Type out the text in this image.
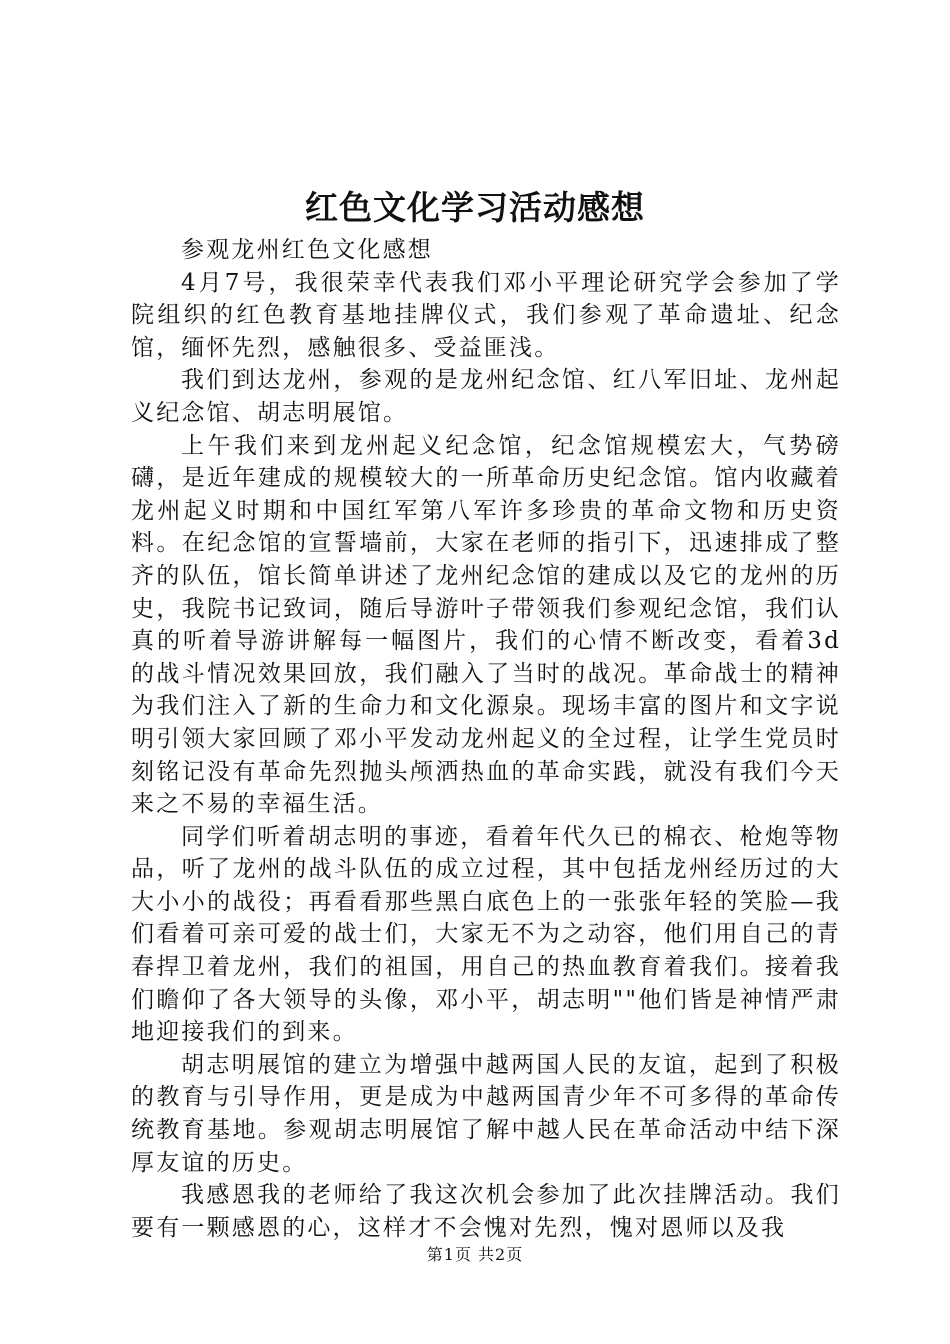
红色文化学习活动感想

参观龙州红色文化感想

4月7号，我很荣幸代表我们邓小平理论研究学会参加了学院组织的红色教育基地挂牌仪式，我们参观了革命遗址、纪念馆，缅怀先烈，感触很多、受益匪浅。

我们到达龙州，参观的是龙州纪念馆、红八军旧址、龙州起义纪念馆、胡志明展馆。

上午我们来到龙州起义纪念馆，纪念馆规模宏大，气势磅礴，是近年建成的规模较大的一所革命历史纪念馆。馆内收藏着龙州起义时期和中国红军第八军许多珍贵的革命文物和历史资料。在纪念馆的宣誓墙前，大家在老师的指引下，迅速排成了整齐的队伍，馆长简单讲述了龙州纪念馆的建成以及它的龙州的历史，我院书记致词，随后导游叶子带领我们参观纪念馆，我们认真的听着导游讲解每一幅图片，我们的心情不断改变，看着3d的战斗情况效果回放，我们融入了当时的战况。革命战士的精神为我们注入了新的生命力和文化源泉。现场丰富的图片和文字说明引领大家回顾了邓小平发动龙州起义的全过程，让学生党员时刻铭记没有革命先烈抛头颅洒热血的革命实践，就没有我们今天来之不易的幸福生活。

同学们听着胡志明的事迹，看着年代久已的棉衣、枪炮等物品，听了龙州的战斗队伍的成立过程，其中包括龙州经历过的大大小小的战役；再看看那些黑白底色上的一张张年轻的笑脸—我们看着可亲可爱的战士们，大家无不为之动容，他们用自己的青春捍卫着龙州，我们的祖国，用自己的热血教育着我们。接着我们瞻仰了各大领导的头像，邓小平，胡志明""他们皆是神情严肃地迎接我们的到来。

胡志明展馆的建立为增强中越两国人民的友谊，起到了积极的教育与引导作用，更是成为中越两国青少年不可多得的革命传统教育基地。参观胡志明展馆了解中越人民在革命活动中结下深厚友谊的历史。

我感恩我的老师给了我这次机会参加了此次挂牌活动。我们要有一颗感恩的心，这样才不会愧对先烈，愧对恩师以及我

第1页 共2页
